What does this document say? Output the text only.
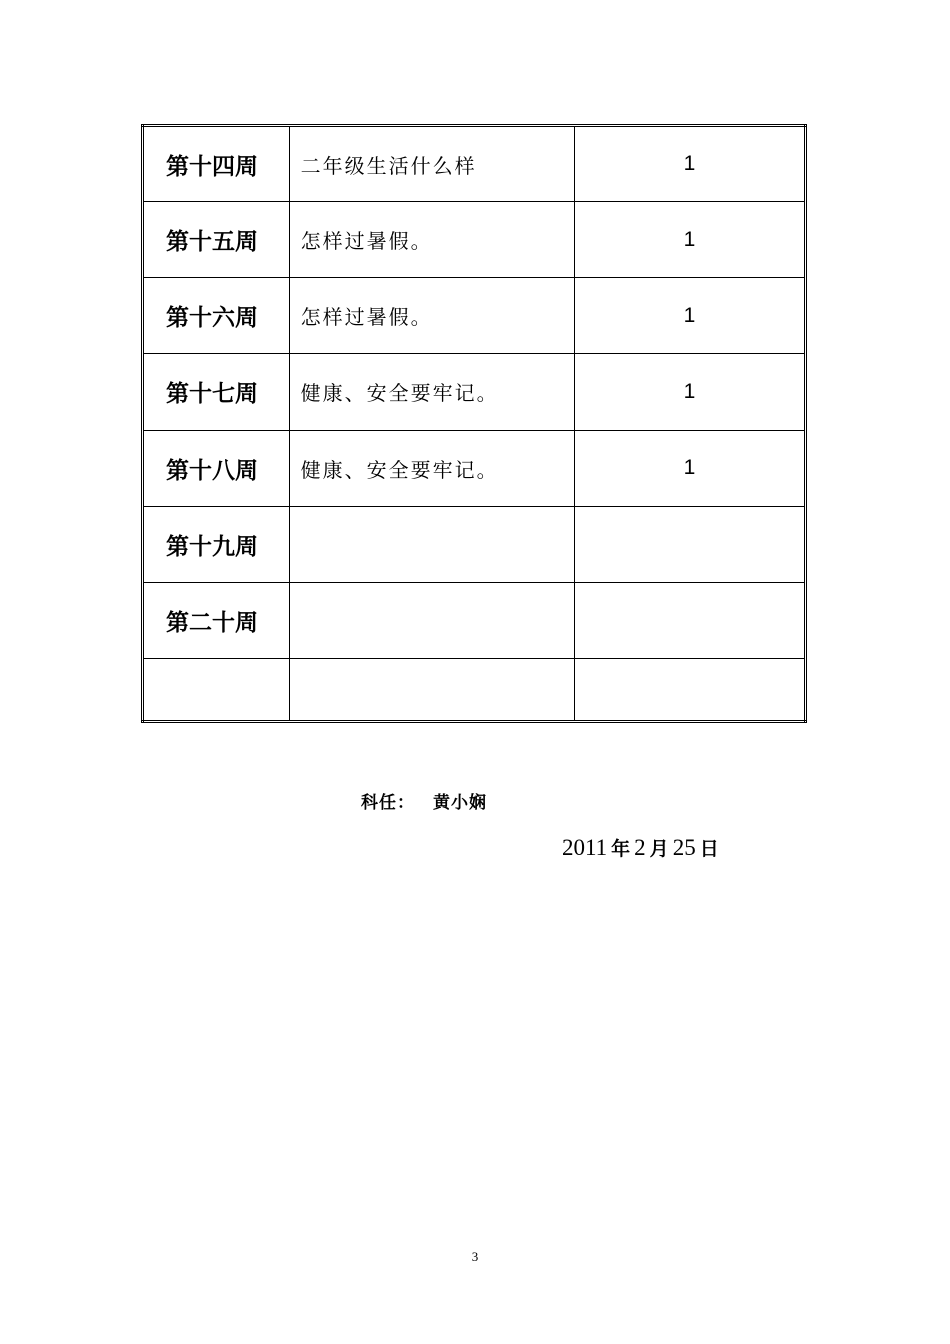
第十四周	二年级生活什么样	1
第十五周	怎样过暑假。	1
第十六周	怎样过暑假。	1
第十七周	健康、安全要牢记。	1
第十八周	健康、安全要牢记。	1
第十九周		
第二十周		

科任： 黄小娴
2011 年 2 月 25 日
3
